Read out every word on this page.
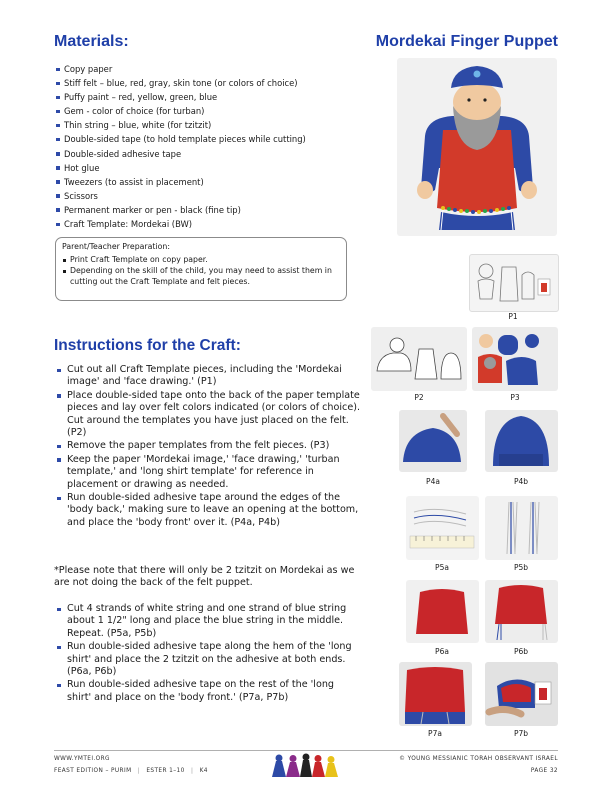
Materials:	Mordekai Finger Puppet
Copy paper
Stiff felt – blue, red, gray, skin tone (or colors of choice)
Puffy paint – red, yellow, green, blue
Gem - color of choice (for turban)
Thin string – blue, white (for tzitzit)
Double-sided tape (to hold template pieces while cutting)
Double-sided adhesive tape
Hot glue
Tweezers (to assist in placement)
Scissors
Permanent marker or pen - black (fine tip)
Craft Template: Mordekai (BW)
Parent/Teacher Preparation:
Print Craft Template on copy paper.
Depending on the skill of the child, you may need to assist them in cutting out the Craft Template and felt pieces.
P1
Instructions for the Craft:
Cut out all Craft Template pieces, including the 'Mordekai image' and 'face drawing.' (P1)
Place double-sided tape onto the back of the paper template pieces and lay over felt colors indicated (or colors of choice). Cut around the templates you have just placed on the felt. (P2)
Remove the paper templates from the felt pieces. (P3)
Keep the paper 'Mordekai image,' 'face drawing,' 'turban template,' and 'long shirt template' for reference in placement or drawing as needed.
Run double-sided adhesive tape around the edges of the 'body back,' making sure to leave an opening at the bottom, and place the 'body front' over it. (P4a, P4b)
*Please note that there will only be 2 tzitzit on Mordekai as we are not doing the back of the felt puppet.
Cut 4 strands of white string and one strand of blue string about 1 1/2" long and place the blue string in the middle. Repeat. (P5a, P5b)
Run double-sided adhesive tape along the hem of the 'long shirt' and place the 2 tzitzit on the adhesive at both ends. (P6a, P6b)
Run double-sided adhesive tape on the rest of the 'long shirt' and place on the 'body front.' (P7a, P7b)
P2	P3
P4a	P4b
P5a	P5b
P6a	P6b
P7a	P7b
WWW.YMTEI.ORG
FEAST EDITION – PURIM | ESTER 1–10 | K4
© YOUNG MESSIANIC TORAH OBSERVANT ISRAEL
PAGE 32
